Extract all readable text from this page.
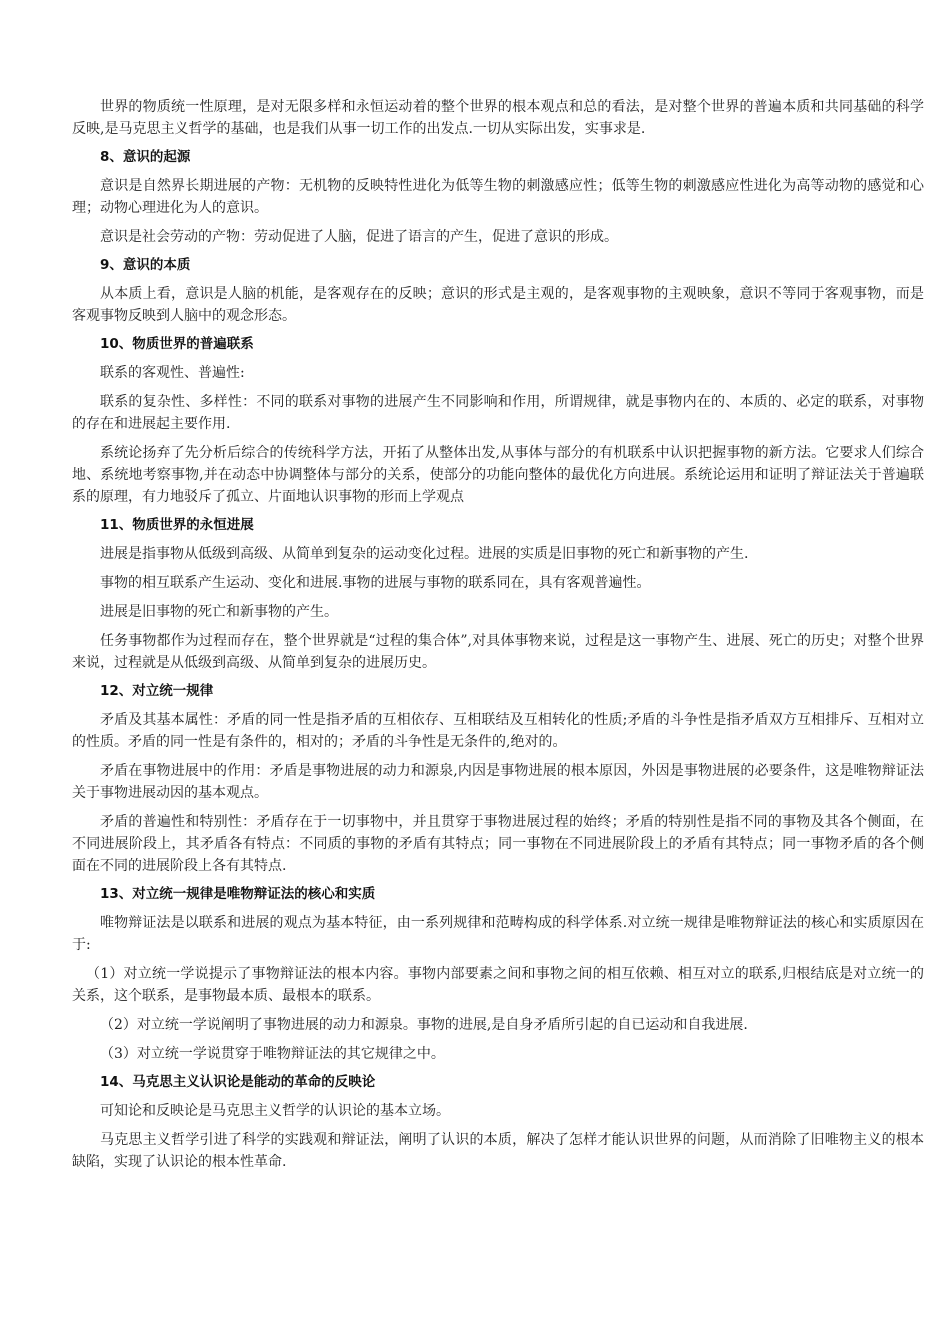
世界的物质统一性原理，是对无限多样和永恒运动着的整个世界的根本观点和总的看法，是对整个世界的普遍本质和共同基础的科学反映,是马克思主义哲学的基础，也是我们从事一切工作的出发点.一切从实际出发，实事求是.

8、意识的起源

意识是自然界长期进展的产物：无机物的反映特性进化为低等生物的刺激感应性；低等生物的刺激感应性进化为高等动物的感觉和心理；动物心理进化为人的意识。

意识是社会劳动的产物：劳动促进了人脑，促进了语言的产生，促进了意识的形成。

9、意识的本质

从本质上看，意识是人脑的机能，是客观存在的反映；意识的形式是主观的，是客观事物的主观映象，意识不等同于客观事物，而是客观事物反映到人脑中的观念形态。

10、物质世界的普遍联系

联系的客观性、普遍性:

联系的复杂性、多样性：不同的联系对事物的进展产生不同影响和作用，所谓规律，就是事物内在的、本质的、必定的联系，对事物的存在和进展起主要作用.

系统论扬弃了先分析后综合的传统科学方法，开拓了从整体出发,从事体与部分的有机联系中认识把握事物的新方法。它要求人们综合地、系统地考察事物,并在动态中协调整体与部分的关系，使部分的功能向整体的最优化方向进展。系统论运用和证明了辩证法关于普遍联系的原理，有力地驳斥了孤立、片面地认识事物的形而上学观点

11、物质世界的永恒进展

进展是指事物从低级到高级、从简单到复杂的运动变化过程。进展的实质是旧事物的死亡和新事物的产生.

事物的相互联系产生运动、变化和进展.事物的进展与事物的联系同在，具有客观普遍性。

进展是旧事物的死亡和新事物的产生。

任务事物都作为过程而存在，整个世界就是“过程的集合体”,对具体事物来说，过程是这一事物产生、进展、死亡的历史；对整个世界来说，过程就是从低级到高级、从简单到复杂的进展历史。

12、对立统一规律

矛盾及其基本属性：矛盾的同一性是指矛盾的互相依存、互相联结及互相转化的性质;矛盾的斗争性是指矛盾双方互相排斥、互相对立的性质。矛盾的同一性是有条件的，相对的；矛盾的斗争性是无条件的,绝对的。

矛盾在事物进展中的作用：矛盾是事物进展的动力和源泉,内因是事物进展的根本原因，外因是事物进展的必要条件，这是唯物辩证法关于事物进展动因的基本观点。

矛盾的普遍性和特别性：矛盾存在于一切事物中，并且贯穿于事物进展过程的始终；矛盾的特别性是指不同的事物及其各个侧面，在不同进展阶段上，其矛盾各有特点：不同质的事物的矛盾有其特点；同一事物在不同进展阶段上的矛盾有其特点；同一事物矛盾的各个侧面在不同的进展阶段上各有其特点.

13、对立统一规律是唯物辩证法的核心和实质

唯物辩证法是以联系和进展的观点为基本特征，由一系列规律和范畴构成的科学体系.对立统一规律是唯物辩证法的核心和实质原因在于:

（1）对立统一学说提示了事物辩证法的根本内容。事物内部要素之间和事物之间的相互依赖、相互对立的联系,归根结底是对立统一的关系，这个联系，是事物最本质、最根本的联系。

（2）对立统一学说阐明了事物进展的动力和源泉。事物的进展,是自身矛盾所引起的自已运动和自我进展.

（3）对立统一学说贯穿于唯物辩证法的其它规律之中。

14、马克思主义认识论是能动的革命的反映论

可知论和反映论是马克思主义哲学的认识论的基本立场。

马克思主义哲学引进了科学的实践观和辩证法，阐明了认识的本质，解决了怎样才能认识世界的问题，从而消除了旧唯物主义的根本缺陷，实现了认识论的根本性革命.
